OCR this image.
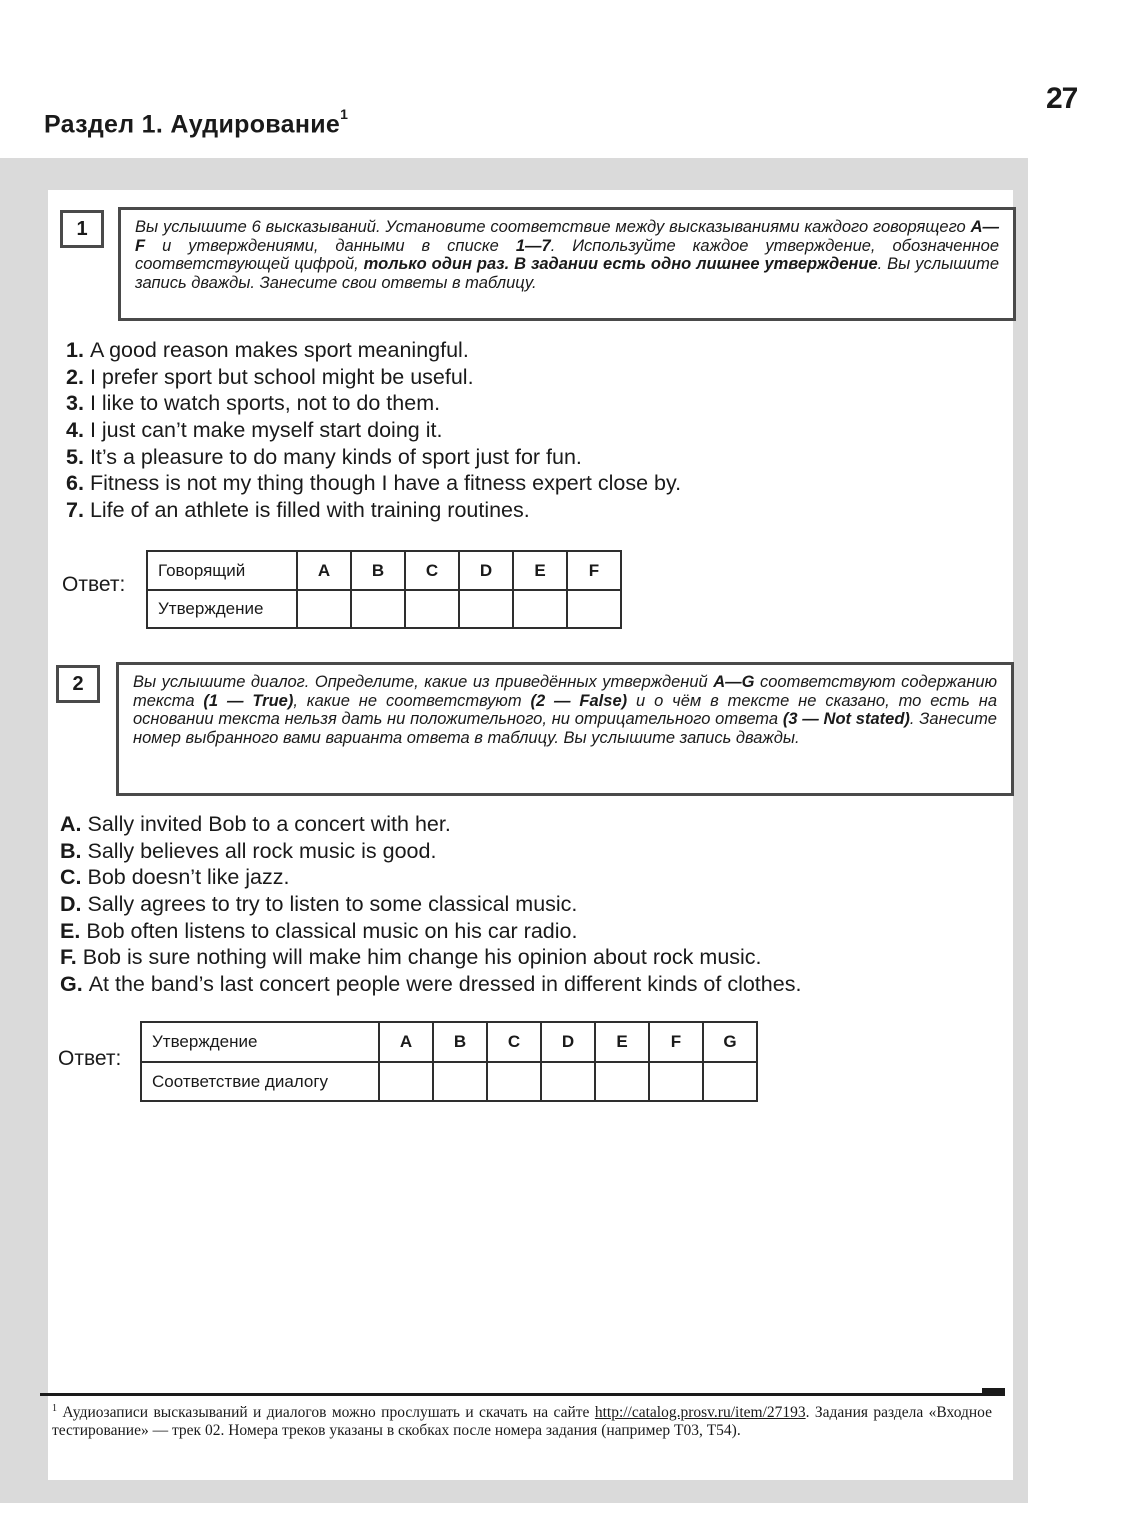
27
Раздел 1. Аудирование$^1$
1	Вы услышите 6 высказываний. Установите соответствие между высказываниями каждого говорящего A—F и утверждениями, данными в списке 1—7. Используйте каждое утверждение, обозначенное соответствующей цифрой, только один раз. В задании есть одно лишнее утверждение. Вы услышите запись дважды. Занесите свои ответы в таблицу.
1. A good reason makes sport meaningful.
2. I prefer sport but school might be useful.
3. I like to watch sports, not to do them.
4. I just can’t make myself start doing it.
5. It’s a pleasure to do many kinds of sport just for fun.
6. Fitness is not my thing though I have a fitness expert close by.
7. Life of an athlete is filled with training routines.
Ответ:
Говорящий	A	B	C	D	E	F
Утверждение						
2	Вы услышите диалог. Определите, какие из приведённых утверждений A—G соответствуют содержанию текста (1 — True), какие не соответствуют (2 — False) и о чём в тексте не сказано, то есть на основании текста нельзя дать ни положительного, ни отрицательного ответа (3 — Not stated). Занесите номер выбранного вами варианта ответа в таблицу. Вы услышите запись дважды.
A. Sally invited Bob to a concert with her.
B. Sally believes all rock music is good.
C. Bob doesn’t like jazz.
D. Sally agrees to try to listen to some classical music.
E. Bob often listens to classical music on his car radio.
F. Bob is sure nothing will make him change his opinion about rock music.
G. At the band’s last concert people were dressed in different kinds of clothes.
Ответ:
Утверждение	A	B	C	D	E	F	G
Соответствие диалогу							
$^1$ Аудиозаписи высказываний и диалогов можно прослушать и скачать на сайте http://catalog.prosv.ru/item/27193. Задания раздела «Входное тестирование» — трек 02. Номера треков указаны в скобках после номера задания (например Т03, Т54).
